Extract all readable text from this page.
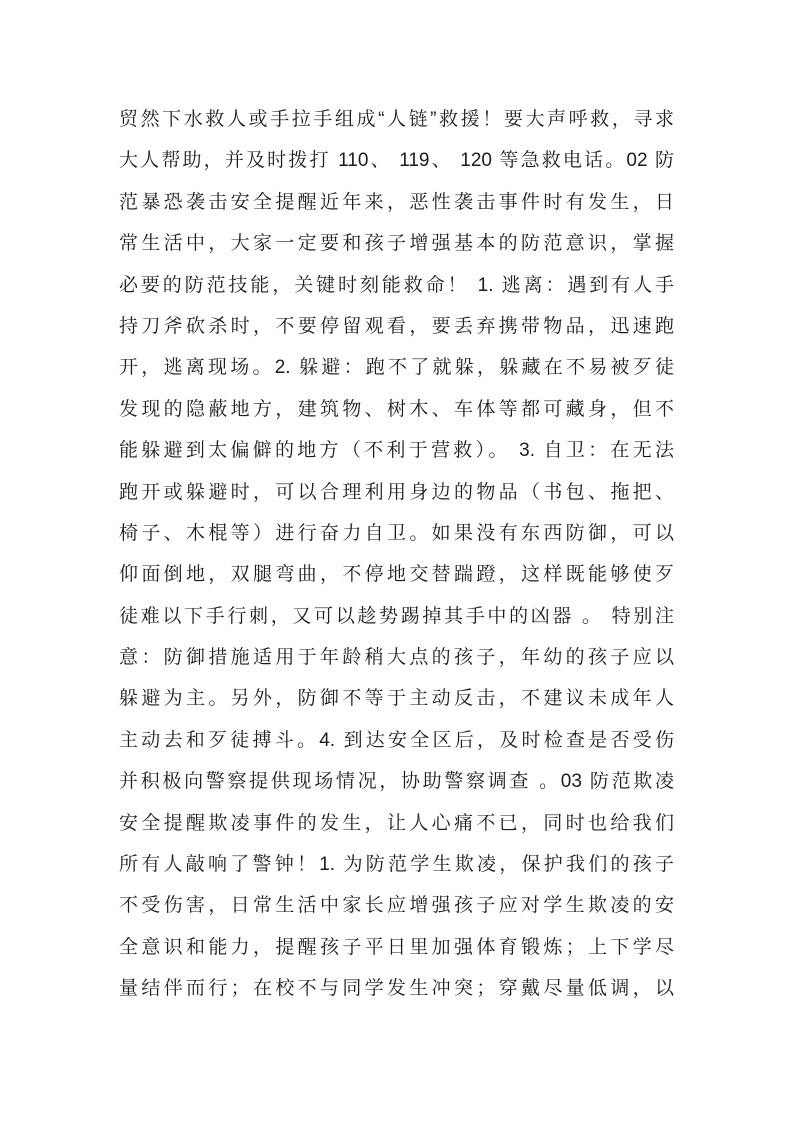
贸然下水救人或手拉手组成“人链”救援！要大声呼救，寻求
大人帮助，并及时拨打 110、 119、 120 等急救电话。02 防
范暴恐袭击安全提醒近年来，恶性袭击事件时有发生，日
常生活中，大家一定要和孩子增强基本的防范意识，掌握
必要的防范技能，关键时刻能救命！ 1. 逃离：遇到有人手
持刀斧砍杀时，不要停留观看，要丢弃携带物品，迅速跑
开，逃离现场。2. 躲避：跑不了就躲，躲藏在不易被歹徒
发现的隐蔽地方，建筑物、树木、车体等都可藏身，但不
能躲避到太偏僻的地方（不利于营救）。 3. 自卫：在无法
跑开或躲避时，可以合理利用身边的物品（书包、拖把、
椅子、木棍等）进行奋力自卫。如果没有东西防御，可以
仰面倒地，双腿弯曲，不停地交替踹蹬，这样既能够使歹
徒难以下手行刺，又可以趁势踢掉其手中的凶器 。 特别注
意：防御措施适用于年龄稍大点的孩子，年幼的孩子应以
躲避为主。另外，防御不等于主动反击，不建议未成年人
主动去和歹徒搏斗。4. 到达安全区后，及时检查是否受伤
并积极向警察提供现场情况，协助警察调查 。03 防范欺凌
安全提醒欺凌事件的发生，让人心痛不已，同时也给我们
所有人敲响了警钟！1. 为防范学生欺凌，保护我们的孩子
不受伤害，日常生活中家长应增强孩子应对学生欺凌的安
全意识和能力，提醒孩子平日里加强体育锻炼；上下学尽
量结伴而行；在校不与同学发生冲突；穿戴尽量低调，以
